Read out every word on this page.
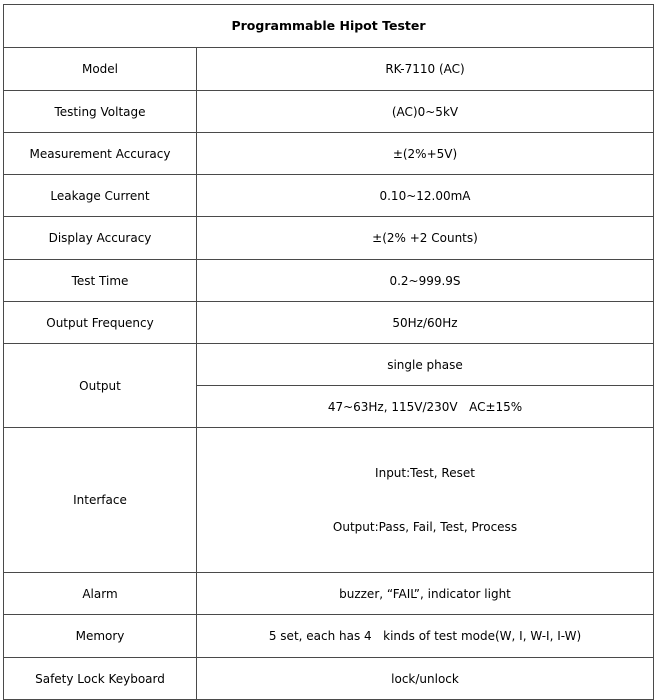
Programmable Hipot Tester	
Model	RK-7110 (AC)
Testing Voltage	(AC)0~5kV
Measurement Accuracy	±(2%+5V)
Leakage Current	0.10~12.00mA
Display Accuracy	±(2% +2 Counts)
Test Time	0.2~999.9S
Output Frequency	50Hz/60Hz
Output	single phase
	47~63Hz, 115V/230V   AC±15%
Interface	Input:Test, Reset

Output:Pass, Fail, Test, Process

Alarm	buzzer, “FAIL”, indicator light
Memory	5 set, each has 4   kinds of test mode(W, I, W-I, I-W)
Safety Lock Keyboard	lock/unlock
